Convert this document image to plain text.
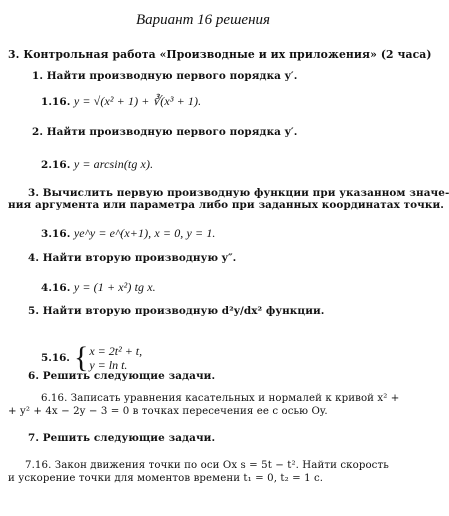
Вариант 16 решения
3. Контрольная работа «Производные и их приложения» (2 часа)
1. Найти производную первого порядка y′.
1.16. y = √(x² + 1) + ∛(x³ + 1).
2. Найти производную первого порядка y′.
2.16. y = arcsin(tg x).
3. Вычислить первую производную функции при указанном значе-
ния аргумента или параметра либо при заданных координатах точки.
3.16. ye^y = e^(x+1), x = 0, y = 1.
4. Найти вторую производную y″.
4.16. y = (1 + x²) tg x.
5. Найти вторую производную d²y/dx² функции.
5.16. { x = 2t² + t,
y = ln t.
6. Решить следующие задачи.
6.16. Записать уравнения касательных и нормалей к кривой x² +
+ y² + 4x − 2y − 3 = 0 в точках пересечения ее с осью Oy.
7. Решить следующие задачи.
7.16. Закон движения точки по оси Ox s = 5t − t². Найти скорость
и ускорение точки для моментов времени t₁ = 0, t₂ = 1 с.
